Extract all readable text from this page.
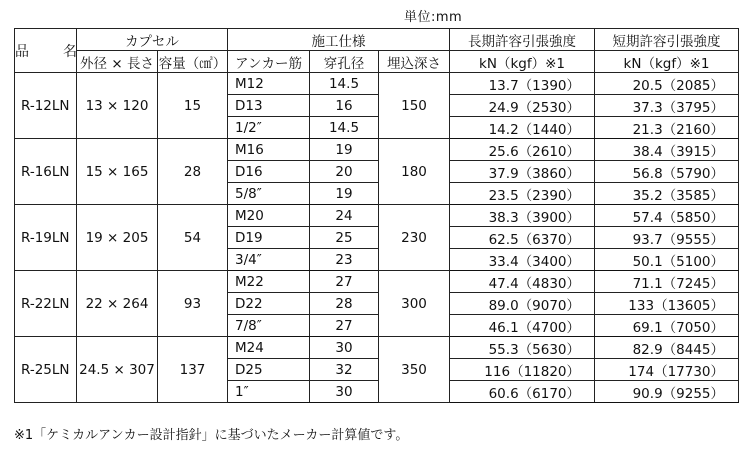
単位:mm
品　名	カプセル		施工仕様			長期許容引張強度	短期許容引張強度
	外径 × 長さ	容量（㎤）	アンカー筋	穿孔径	埋込深さ	kN（kgf）※1	kN（kgf）※1
R-12LN	13 × 120	15	M12	14.5	150	13.7（1390）	20.5（2085）
			D13	16		24.9（2530）	37.3（3795）
			1/2″	14.5		14.2（1440）	21.3（2160）
R-16LN	15 × 165	28	M16	19	180	25.6（2610）	38.4（3915）
			D16	20		37.9（3860）	56.8（5790）
			5/8″	19		23.5（2390）	35.2（3585）
R-19LN	19 × 205	54	M20	24	230	38.3（3900）	57.4（5850）
			D19	25		62.5（6370）	93.7（9555）
			3/4″	23		33.4（3400）	50.1（5100）
R-22LN	22 × 264	93	M22	27	300	47.4（4830）	71.1（7245）
			D22	28		89.0（9070）	133（13605）
			7/8″	27		46.1（4700）	69.1（7050）
R-25LN	24.5 × 307	137	M24	30	350	55.3（5630）	82.9（8445）
			D25	32		116（11820）	174（17730）
			1″	30		60.6（6170）	90.9（9255）
※1「ケミカルアンカー設計指針」に基づいたメーカー計算値です。
